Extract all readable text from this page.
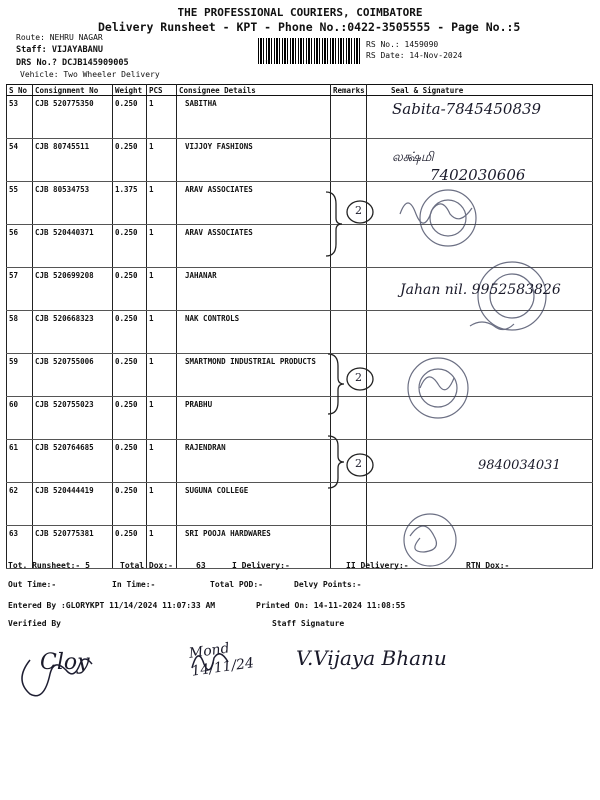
THE PROFESSIONAL COURIERS, COIMBATORE
Delivery Runsheet - KPT - Phone No.:0422-3505555 - Page No.:5
Route: NEHRU NAGAR
Staff: VIJAYABANU
DRS No.? DCJB145909005
Vehicle: Two Wheeler Delivery
RS No.: 1459090
RS Date: 14-Nov-2024
S No	Consignment No	Weight	PCS	Consignee Details	Remarks	Seal & Signature
53	CJB 520775350	0.250	1	SABITHA		
54	CJB 80745511	0.250	1	VIJJOY FASHIONS		
55	CJB 80534753	1.375	1	ARAV ASSOCIATES		
56	CJB 520440371	0.250	1	ARAV ASSOCIATES		
57	CJB 520699208	0.250	1	JAHANAR		
58	CJB 520668323	0.250	1	NAK CONTROLS		
59	CJB 520755006	0.250	1	SMARTMOND INDUSTRIAL PRODUCTS		
60	CJB 520755023	0.250	1	PRABHU		
61	CJB 520764685	0.250	1	RAJENDRAN		
62	CJB 520444419	0.250	1	SUGUNA COLLEGE		
63	CJB 520775381	0.250	1	SRI POOJA HARDWARES		
Sabita-7845450839
லக்ஷ்மி
7402030606
2
2
2
Jahan nil. 9952583826
9840034031
Tot. Runsheet:- 5	Total Dox:-	63	I Delivery:-	II Delivery:-	RTN Dox:-
Out Time:-	In Time:-	Total POD:-	Delvy Points:-
Entered By :GLORYKPT 11/14/2024 11:07:33 AM	Printed On: 14-11-2024 11:08:55
Verified By	Staff Signature
Cloy	Mond 14/11/24	V.Vijaya Bhanu
